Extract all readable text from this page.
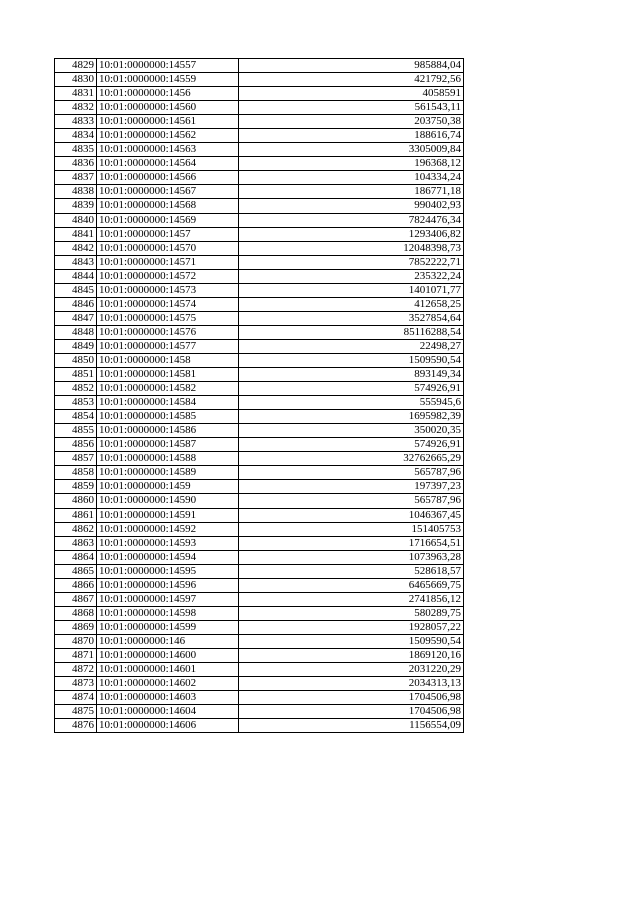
4829	10:01:0000000:14557	985884,04
4830	10:01:0000000:14559	421792,56
4831	10:01:0000000:1456	4058591
4832	10:01:0000000:14560	561543,11
4833	10:01:0000000:14561	203750,38
4834	10:01:0000000:14562	188616,74
4835	10:01:0000000:14563	3305009,84
4836	10:01:0000000:14564	196368,12
4837	10:01:0000000:14566	104334,24
4838	10:01:0000000:14567	186771,18
4839	10:01:0000000:14568	990402,93
4840	10:01:0000000:14569	7824476,34
4841	10:01:0000000:1457	1293406,82
4842	10:01:0000000:14570	12048398,73
4843	10:01:0000000:14571	7852222,71
4844	10:01:0000000:14572	235322,24
4845	10:01:0000000:14573	1401071,77
4846	10:01:0000000:14574	412658,25
4847	10:01:0000000:14575	3527854,64
4848	10:01:0000000:14576	85116288,54
4849	10:01:0000000:14577	22498,27
4850	10:01:0000000:1458	1509590,54
4851	10:01:0000000:14581	893149,34
4852	10:01:0000000:14582	574926,91
4853	10:01:0000000:14584	555945,6
4854	10:01:0000000:14585	1695982,39
4855	10:01:0000000:14586	350020,35
4856	10:01:0000000:14587	574926,91
4857	10:01:0000000:14588	32762665,29
4858	10:01:0000000:14589	565787,96
4859	10:01:0000000:1459	197397,23
4860	10:01:0000000:14590	565787,96
4861	10:01:0000000:14591	1046367,45
4862	10:01:0000000:14592	151405753
4863	10:01:0000000:14593	1716654,51
4864	10:01:0000000:14594	1073963,28
4865	10:01:0000000:14595	528618,57
4866	10:01:0000000:14596	6465669,75
4867	10:01:0000000:14597	2741856,12
4868	10:01:0000000:14598	580289,75
4869	10:01:0000000:14599	1928057,22
4870	10:01:0000000:146	1509590,54
4871	10:01:0000000:14600	1869120,16
4872	10:01:0000000:14601	2031220,29
4873	10:01:0000000:14602	2034313,13
4874	10:01:0000000:14603	1704506,98
4875	10:01:0000000:14604	1704506,98
4876	10:01:0000000:14606	1156554,09
